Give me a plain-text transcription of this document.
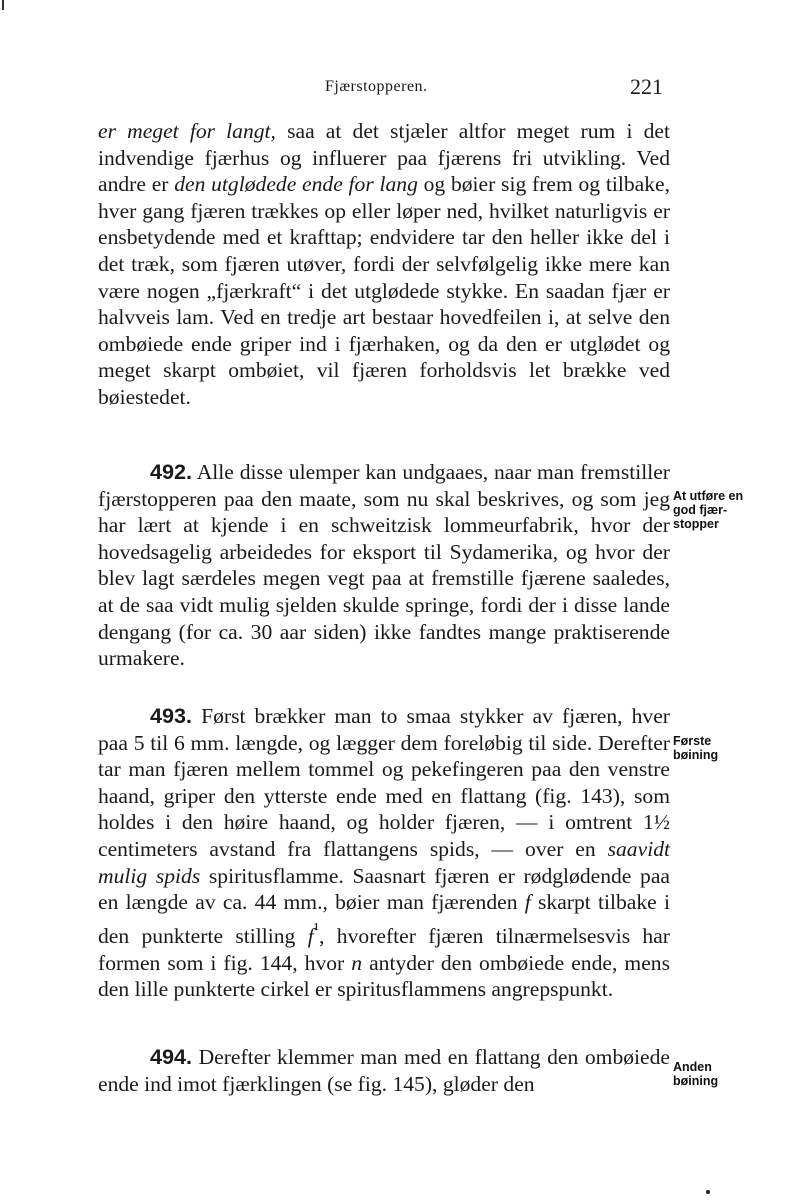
Fjærstopperen.	221

er meget for langt, saa at det stjæler altfor meget rum i det indvendige fjærhus og influerer paa fjærens fri utvikling. Ved andre er den utglødede ende for lang og bøier sig frem og tilbake, hver gang fjæren trækkes op eller løper ned, hvilket naturligvis er ensbetydende med et krafttap; endvidere tar den heller ikke del i det træk, som fjæren utøver, fordi der selvfølgelig ikke mere kan være nogen „fjærkraft“ i det utglødede stykke. En saadan fjær er halvveis lam. Ved en tredje art bestaar hovedfeilen i, at selve den ombøiede ende griper ind i fjærhaken, og da den er utglødet og meget skarpt ombøiet, vil fjæren forholdsvis let brække ved bøiestedet.

492. Alle disse ulemper kan undgaaes, naar man fremstiller fjærstopperen paa den maate, som nu skal beskrives, og som jeg har lært at kjende i en schweitzisk lommeurfabrik, hvor der hovedsagelig arbeidedes for eksport til Sydamerika, og hvor der blev lagt særdeles megen vegt paa at fremstille fjærene saaledes, at de saa vidt mulig sjelden skulde springe, fordi der i disse lande dengang (for ca. 30 aar siden) ikke fandtes mange praktiserende urmakere.

493. Først brækker man to smaa stykker av fjæren, hver paa 5 til 6 mm. længde, og lægger dem foreløbig til side. Derefter tar man fjæren mellem tommel og pekefingeren paa den venstre haand, griper den ytterste ende med en flattang (fig. 143), som holdes i den høire haand, og holder fjæren, — i omtrent 1½ centimeters avstand fra flattangens spids, — over en saavidt mulig spids spiritusflamme. Saasnart fjæren er rødglødende paa en længde av ca. 44 mm., bøier man fjærenden f skarpt tilbake i den punkterte stilling $f^{^1}$, hvorefter fjæren tilnærmelsesvis har formen som i fig. 144, hvor n antyder den ombøiede ende, mens den lille punkterte cirkel er spiritusflammens angrepspunkt.

494. Derefter klemmer man med en flattang den ombøiede ende ind imot fjærklingen (se fig. 145), gløder den

At utføre en
god fjær-
stopper
Første
bøining
Anden
bøining
